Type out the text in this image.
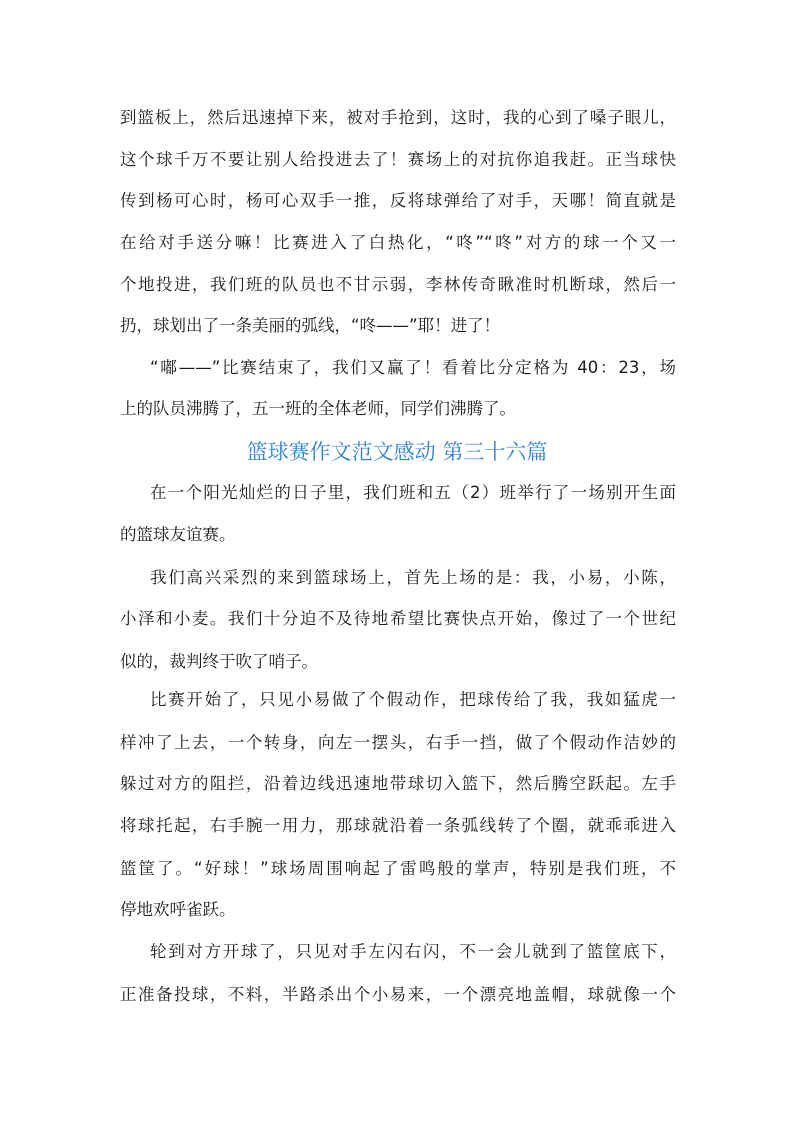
到篮板上，然后迅速掉下来，被对手抢到，这时，我的心到了嗓子眼儿，
这个球千万不要让别人给投进去了！赛场上的对抗你追我赶。正当球快
传到杨可心时，杨可心双手一推，反将球弹给了对手，天哪！简直就是
在给对手送分嘛！比赛进入了白热化，“咚”“咚”对方的球一个又一
个地投进，我们班的队员也不甘示弱，李林传奇瞅准时机断球，然后一
扔，球划出了一条美丽的弧线，“咚——”耶！进了！
“嘟——”比赛结束了，我们又赢了！看着比分定格为 40：23，场
上的队员沸腾了，五一班的全体老师，同学们沸腾了。
篮球赛作文范文感动 第三十六篇
在一个阳光灿烂的日子里，我们班和五（2）班举行了一场别开生面
的篮球友谊赛。
我们高兴采烈的来到篮球场上，首先上场的是：我，小易，小陈，
小泽和小麦。我们十分迫不及待地希望比赛快点开始，像过了一个世纪
似的，裁判终于吹了哨子。
比赛开始了，只见小易做了个假动作，把球传给了我，我如猛虎一
样冲了上去，一个转身，向左一摆头，右手一挡，做了个假动作洁妙的
躲过对方的阻拦，沿着边线迅速地带球切入篮下，然后腾空跃起。左手
将球托起，右手腕一用力，那球就沿着一条弧线转了个圈，就乖乖进入
篮筐了。“好球！”球场周围响起了雷鸣般的掌声，特别是我们班，不
停地欢呼雀跃。
轮到对方开球了，只见对手左闪右闪，不一会儿就到了篮筐底下，
正准备投球，不料，半路杀出个小易来，一个漂亮地盖帽，球就像一个
